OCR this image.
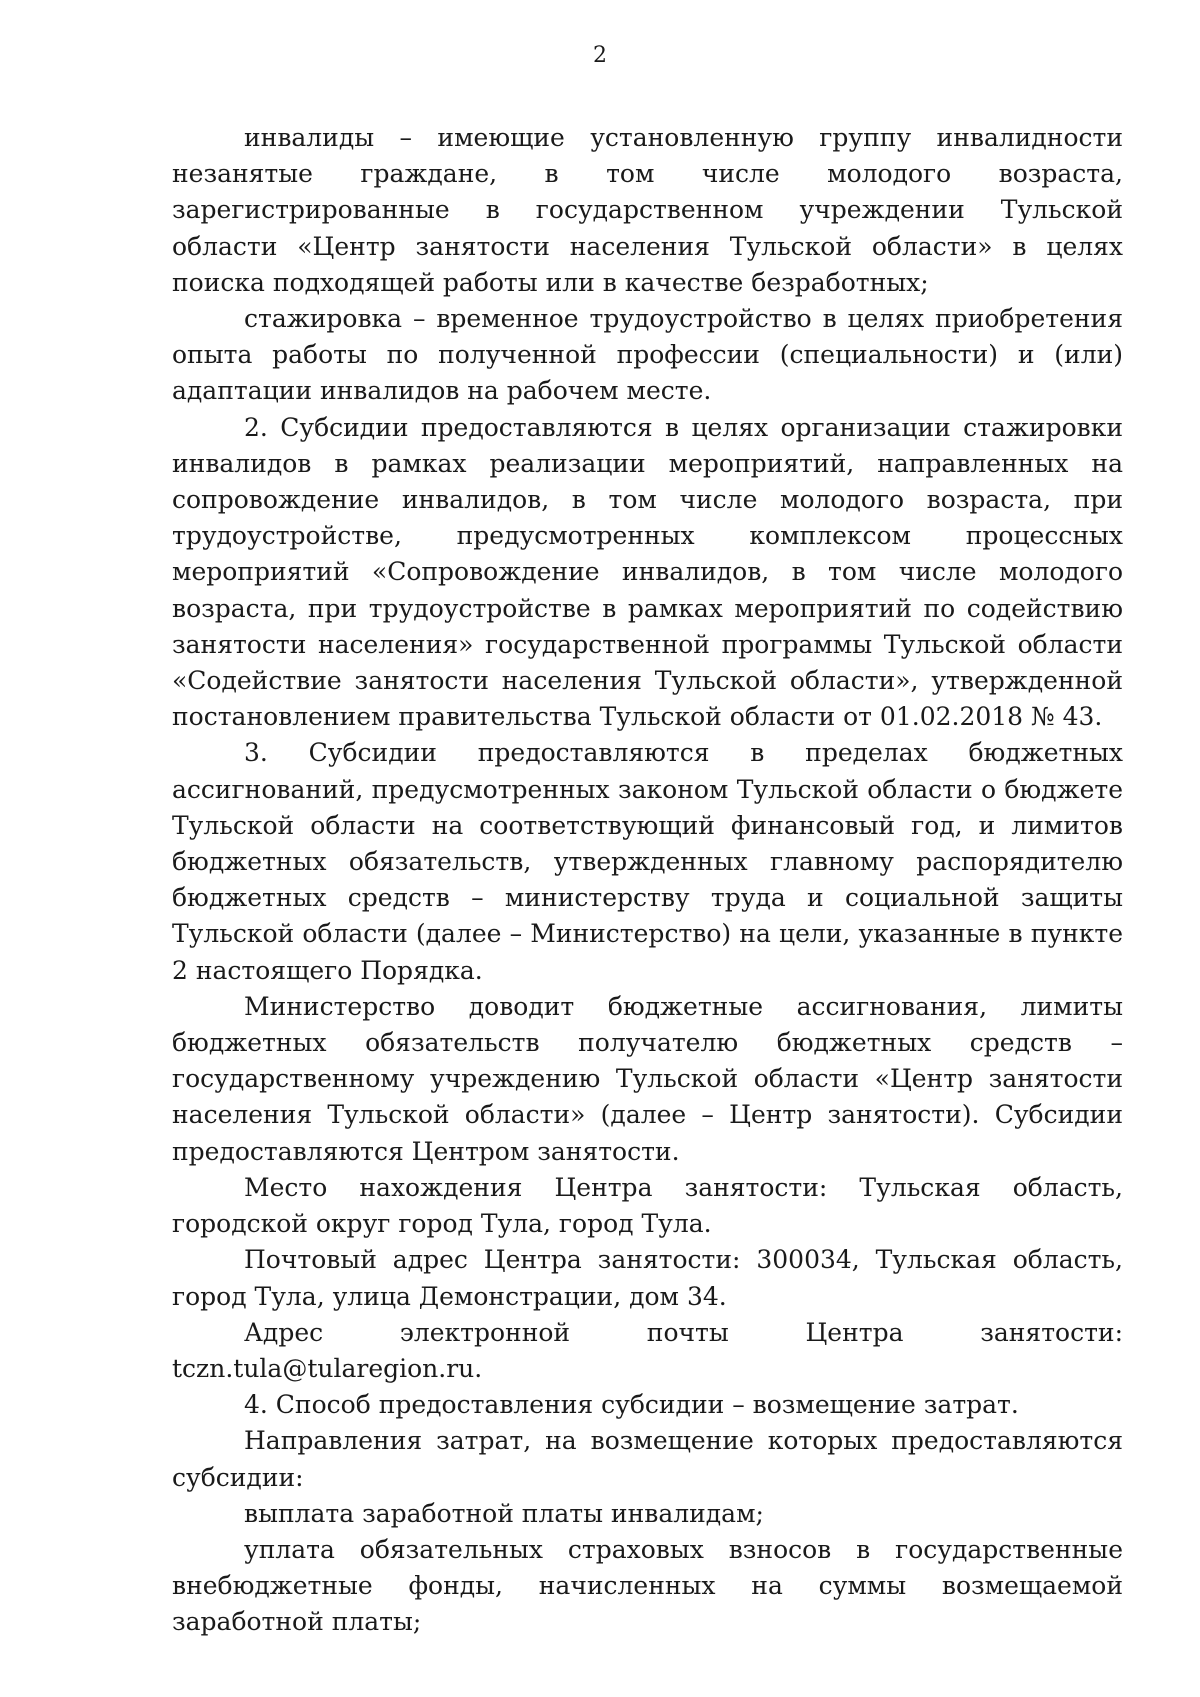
2

инвалиды – имеющие установленную группу инвалидности незанятые граждане, в том числе молодого возраста, зарегистрированные в государственном учреждении Тульской области «Центр занятости населения Тульской области» в целях поиска подходящей работы или в качестве безработных;

стажировка – временное трудоустройство в целях приобретения опыта работы по полученной профессии (специальности) и (или) адаптации инвалидов на рабочем месте.

2. Субсидии предоставляются в целях организации стажировки инвалидов в рамках реализации мероприятий, направленных на сопровождение инвалидов, в том числе молодого возраста, при трудоустройстве, предусмотренных комплексом процессных мероприятий «Сопровождение инвалидов, в том числе молодого возраста, при трудоустройстве в рамках мероприятий по содействию занятости населения» государственной программы Тульской области «Содействие занятости населения Тульской области», утвержденной постановлением правительства Тульской области от 01.02.2018 № 43.

3. Субсидии предоставляются в пределах бюджетных ассигнований, предусмотренных законом Тульской области о бюджете Тульской области на соответствующий финансовый год, и лимитов бюджетных обязательств, утвержденных главному распорядителю бюджетных средств – министерству труда и социальной защиты Тульской области (далее – Министерство) на цели, указанные в пункте 2 настоящего Порядка.

Министерство доводит бюджетные ассигнования, лимиты бюджетных обязательств получателю бюджетных средств – государственному учреждению Тульской области «Центр занятости населения Тульской области» (далее – Центр занятости). Субсидии предоставляются Центром занятости.

Место нахождения Центра занятости: Тульская область, городской округ город Тула, город Тула.

Почтовый адрес Центра занятости: 300034, Тульская область, город Тула, улица Демонстрации, дом 34.

Адрес электронной почты Центра занятости: tczn.tula@tularegion.ru.

4. Способ предоставления субсидии – возмещение затрат.

Направления затрат, на возмещение которых предоставляются субсидии:

выплата заработной платы инвалидам;

уплата обязательных страховых взносов в государственные внебюджетные фонды, начисленных на суммы возмещаемой заработной платы;
